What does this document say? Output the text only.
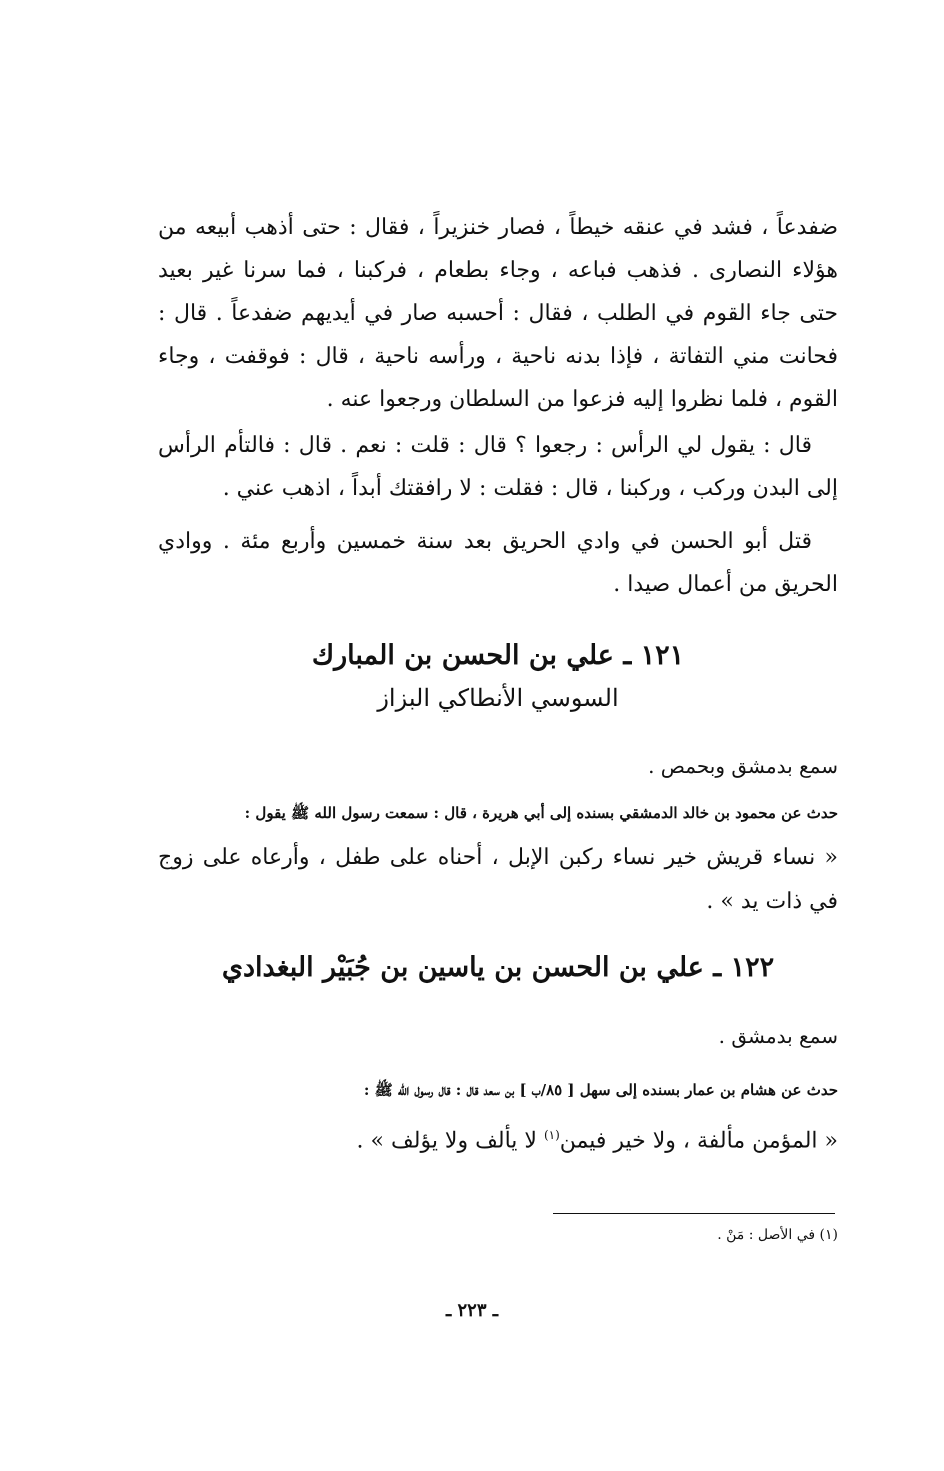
ضفدعاً ، فشد في عنقه خيطاً ، فصار خنزيراً ، فقال : حتى أذهب أبيعه من هؤلاء النصارى . فذهب فباعه ، وجاء بطعام ، فركبنا ، فما سرنا غير بعيد حتى جاء القوم في الطلب ، فقال : أحسبه صار في أيديهم ضفدعاً . قال : فحانت مني التفاتة ، فإذا بدنه ناحية ، ورأسه ناحية ، قال : فوقفت ، وجاء القوم ، فلما نظروا إليه فزعوا من السلطان ورجعوا عنه .

قال : يقول لي الرأس : رجعوا ؟ قال : قلت : نعم . قال : فالتأم الرأس إلى البدن وركب ، وركبنا ، قال : فقلت : لا رافقتك أبداً ، اذهب عني .

قتل أبو الحسن في وادي الحريق بعد سنة خمسين وأربع مئة . ووادي الحريق من أعمال صيدا .

١٢١ ـ علي بن الحسن بن المبارك
السوسي الأنطاكي البزاز
سمع بدمشق وبحمص .
حدث عن محمود بن خالد الدمشقي بسنده إلى أبي هريرة ، قال : سمعت رسول الله ﷺ يقول :

« نساء قريش خير نساء ركبن الإبل ، أحناه على طفل ، وأرعاه على زوج في ذات يد » .

١٢٢ ـ علي بن الحسن بن ياسين بن جُبَيْر البغدادي
سمع بدمشق .
حدث عن هشام بن عمار بسنده إلى سهل [ ٨٥/ب ] بن سعد قال : قال رسول الله ﷺ :
« المؤمن مألفة ، ولا خير فيمن$^{(١)}$ لا يألف ولا يؤلف » .
(١) في الأصل : مَنْ .
ـ ٢٢٣ ـ
